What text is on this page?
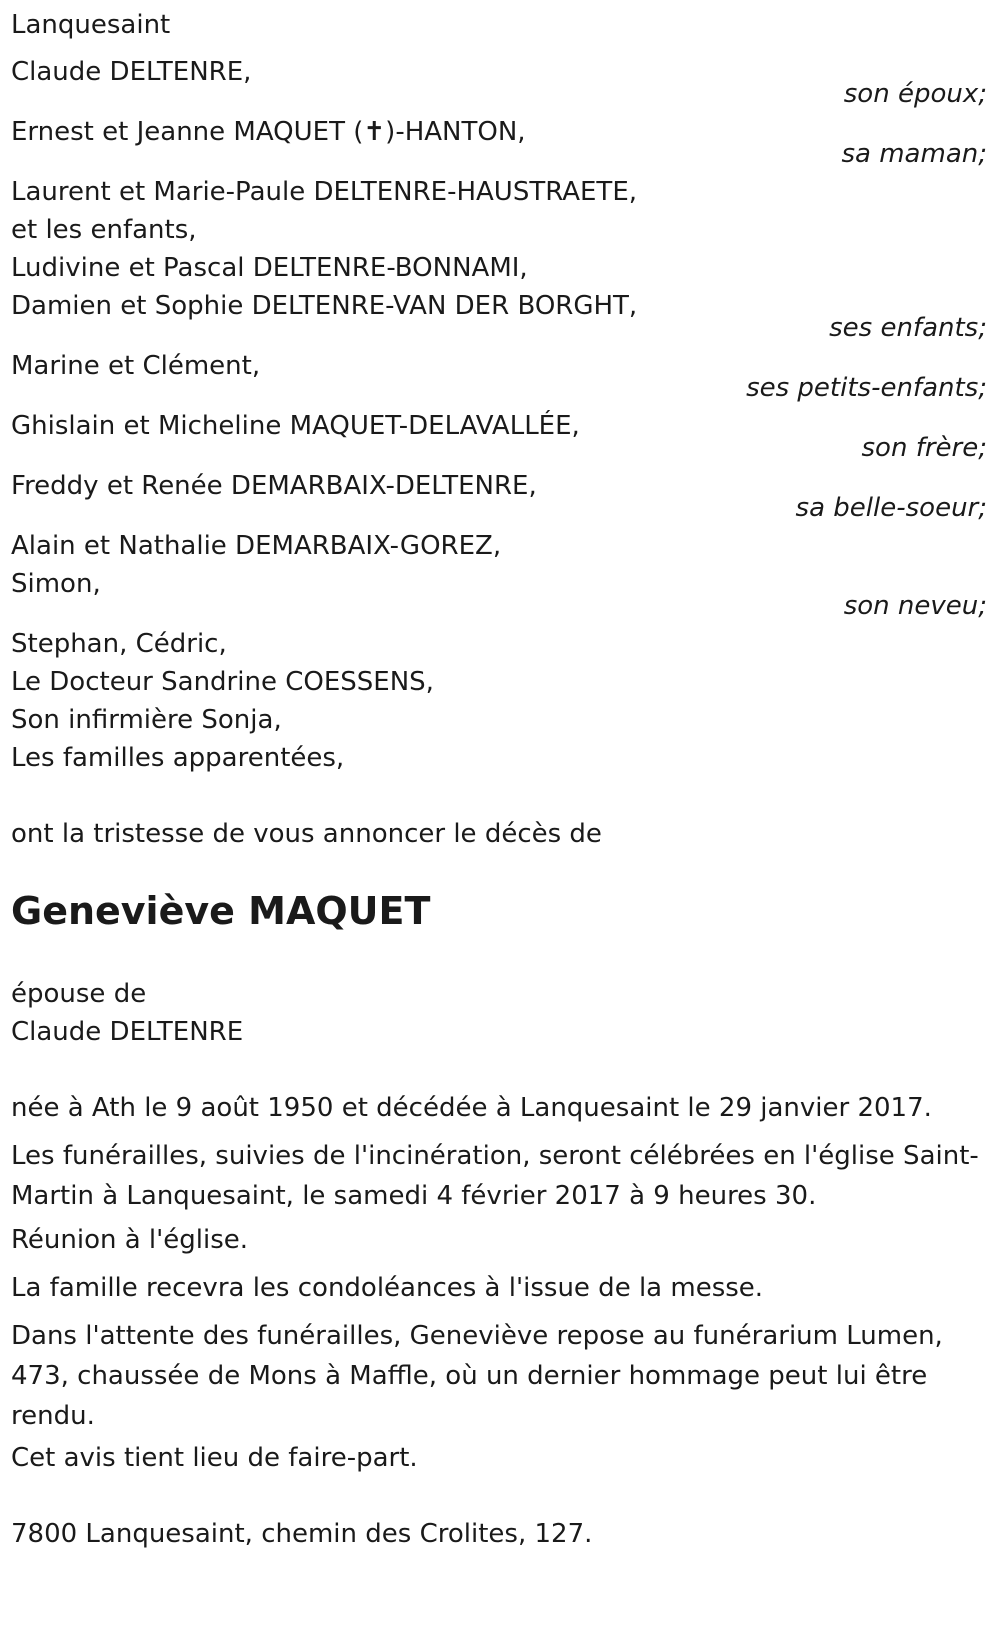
Lanquesaint
Claude DELTENRE,
son époux;
Ernest et Jeanne MAQUET (✝)-HANTON,
sa maman;
Laurent et Marie-Paule DELTENRE-HAUSTRAETE,
et les enfants,
Ludivine et Pascal DELTENRE-BONNAMI,
Damien et Sophie DELTENRE-VAN DER BORGHT,
ses enfants;
Marine et Clément,
ses petits-enfants;
Ghislain et Micheline MAQUET-DELAVALLÉE,
son frère;
Freddy et Renée DEMARBAIX-DELTENRE,
sa belle-soeur;
Alain et Nathalie DEMARBAIX-GOREZ,
Simon,
son neveu;
Stephan, Cédric,
Le Docteur Sandrine COESSENS,
Son infirmière Sonja,
Les familles apparentées,
ont la tristesse de vous annoncer le décès de
Geneviève MAQUET
épouse de
Claude DELTENRE
née à Ath le 9 août 1950 et décédée à Lanquesaint le 29 janvier 2017.
Les funérailles, suivies de l'incinération, seront célébrées en l'église Saint-Martin à Lanquesaint, le samedi 4 février 2017 à 9 heures 30.
Réunion à l'église.
La famille recevra les condoléances à l'issue de la messe.
Dans l'attente des funérailles, Geneviève repose au funérarium Lumen, 473, chaussée de Mons à Maffle, où un dernier hommage peut lui être rendu.
Cet avis tient lieu de faire-part.
7800 Lanquesaint, chemin des Crolites, 127.
